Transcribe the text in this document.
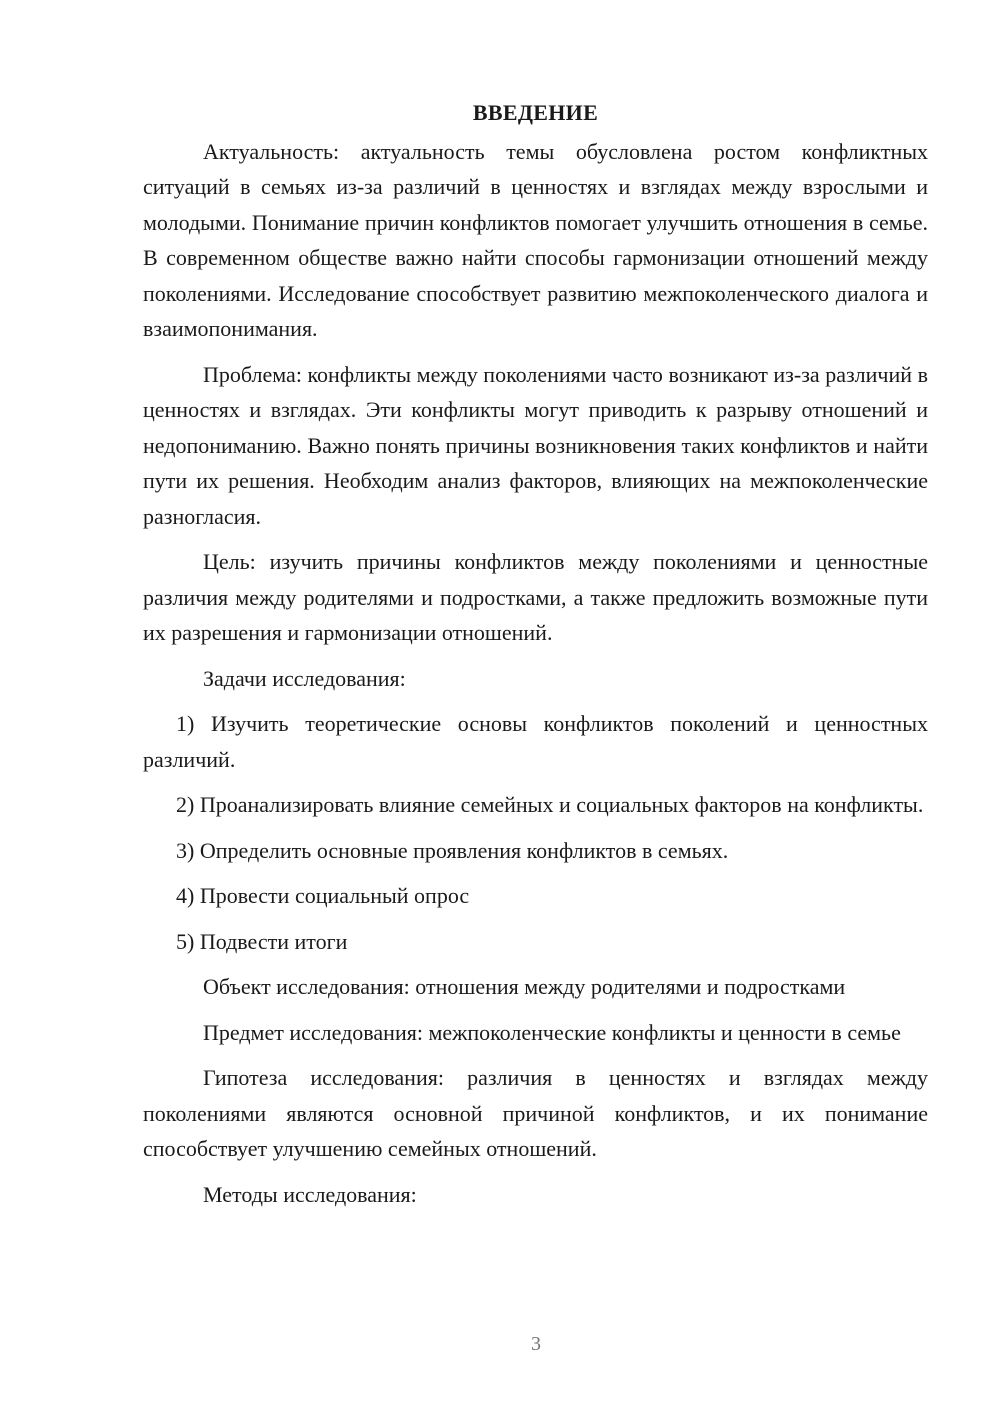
ВВЕДЕНИЕ

Актуальность: актуальность темы обусловлена ростом конфликтных ситуаций в семьях из-за различий в ценностях и взглядах между взрослыми и молодыми. Понимание причин конфликтов помогает улучшить отношения в семье. В современном обществе важно найти способы гармонизации отношений между поколениями. Исследование способствует развитию межпоколенческого диалога и взаимопонимания.

Проблема: конфликты между поколениями часто возникают из-за различий в ценностях и взглядах. Эти конфликты могут приводить к разрыву отношений и недопониманию. Важно понять причины возникновения таких конфликтов и найти пути их решения. Необходим анализ факторов, влияющих на межпоколенческие разногласия.

Цель: изучить причины конфликтов между поколениями и ценностные различия между родителями и подростками, а также предложить возможные пути их разрешения и гармонизации отношений.

Задачи исследования:

1) Изучить теоретические основы конфликтов поколений и ценностных различий.

2) Проанализировать влияние семейных и социальных факторов на конфликты.

3) Определить основные проявления конфликтов в семьях.

4) Провести социальный опрос

5) Подвести итоги

Объект исследования: отношения между родителями и подростками

Предмет исследования: межпоколенческие конфликты и ценности в семье

Гипотеза исследования: различия в ценностях и взглядах между поколениями являются основной причиной конфликтов, и их понимание способствует улучшению семейных отношений.

Методы исследования:

3
